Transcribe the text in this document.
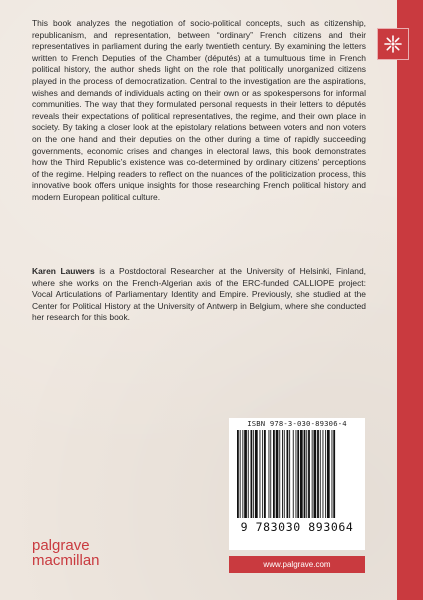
This book analyzes the negotiation of socio-political concepts, such as citizenship, republicanism, and representation, between “ordinary” French citizens and their representatives in parliament during the early twentieth century. By examining the letters written to French Deputies of the Chamber (députés) at a tumultuous time in French political history, the author sheds light on the role that politically unorganized citizens played in the process of democratization. Central to the investigation are the aspirations, wishes and demands of individuals acting on their own or as spokespersons for informal communities. The way that they formulated personal requests in their letters to députés reveals their expectations of political representatives, the regime, and their own place in society. By taking a closer look at the epistolary relations between voters and non voters on the one hand and their deputies on the other during a time of rapidly succeeding governments, economic crises and changes in electoral laws, this book demonstrates how the Third Republic’s existence was co-determined by ordinary citizens’ perceptions of the regime. Helping readers to reflect on the nuances of the politicization process, this innovative book offers unique insights for those researching French political history and modern European political culture.

Karen Lauwers is a Postdoctoral Researcher at the University of Helsinki, Finland, where she works on the French-Algerian axis of the ERC-funded CALLIOPE project: Vocal Articulations of Parliamentary Identity and Empire. Previously, she studied at the Center for Political History at the University of Antwerp in Belgium, where she conducted her research for this book.

ISBN 978-3-030-89306-4
9 783030 893064
www.palgrave.com
palgrave
macmillan
